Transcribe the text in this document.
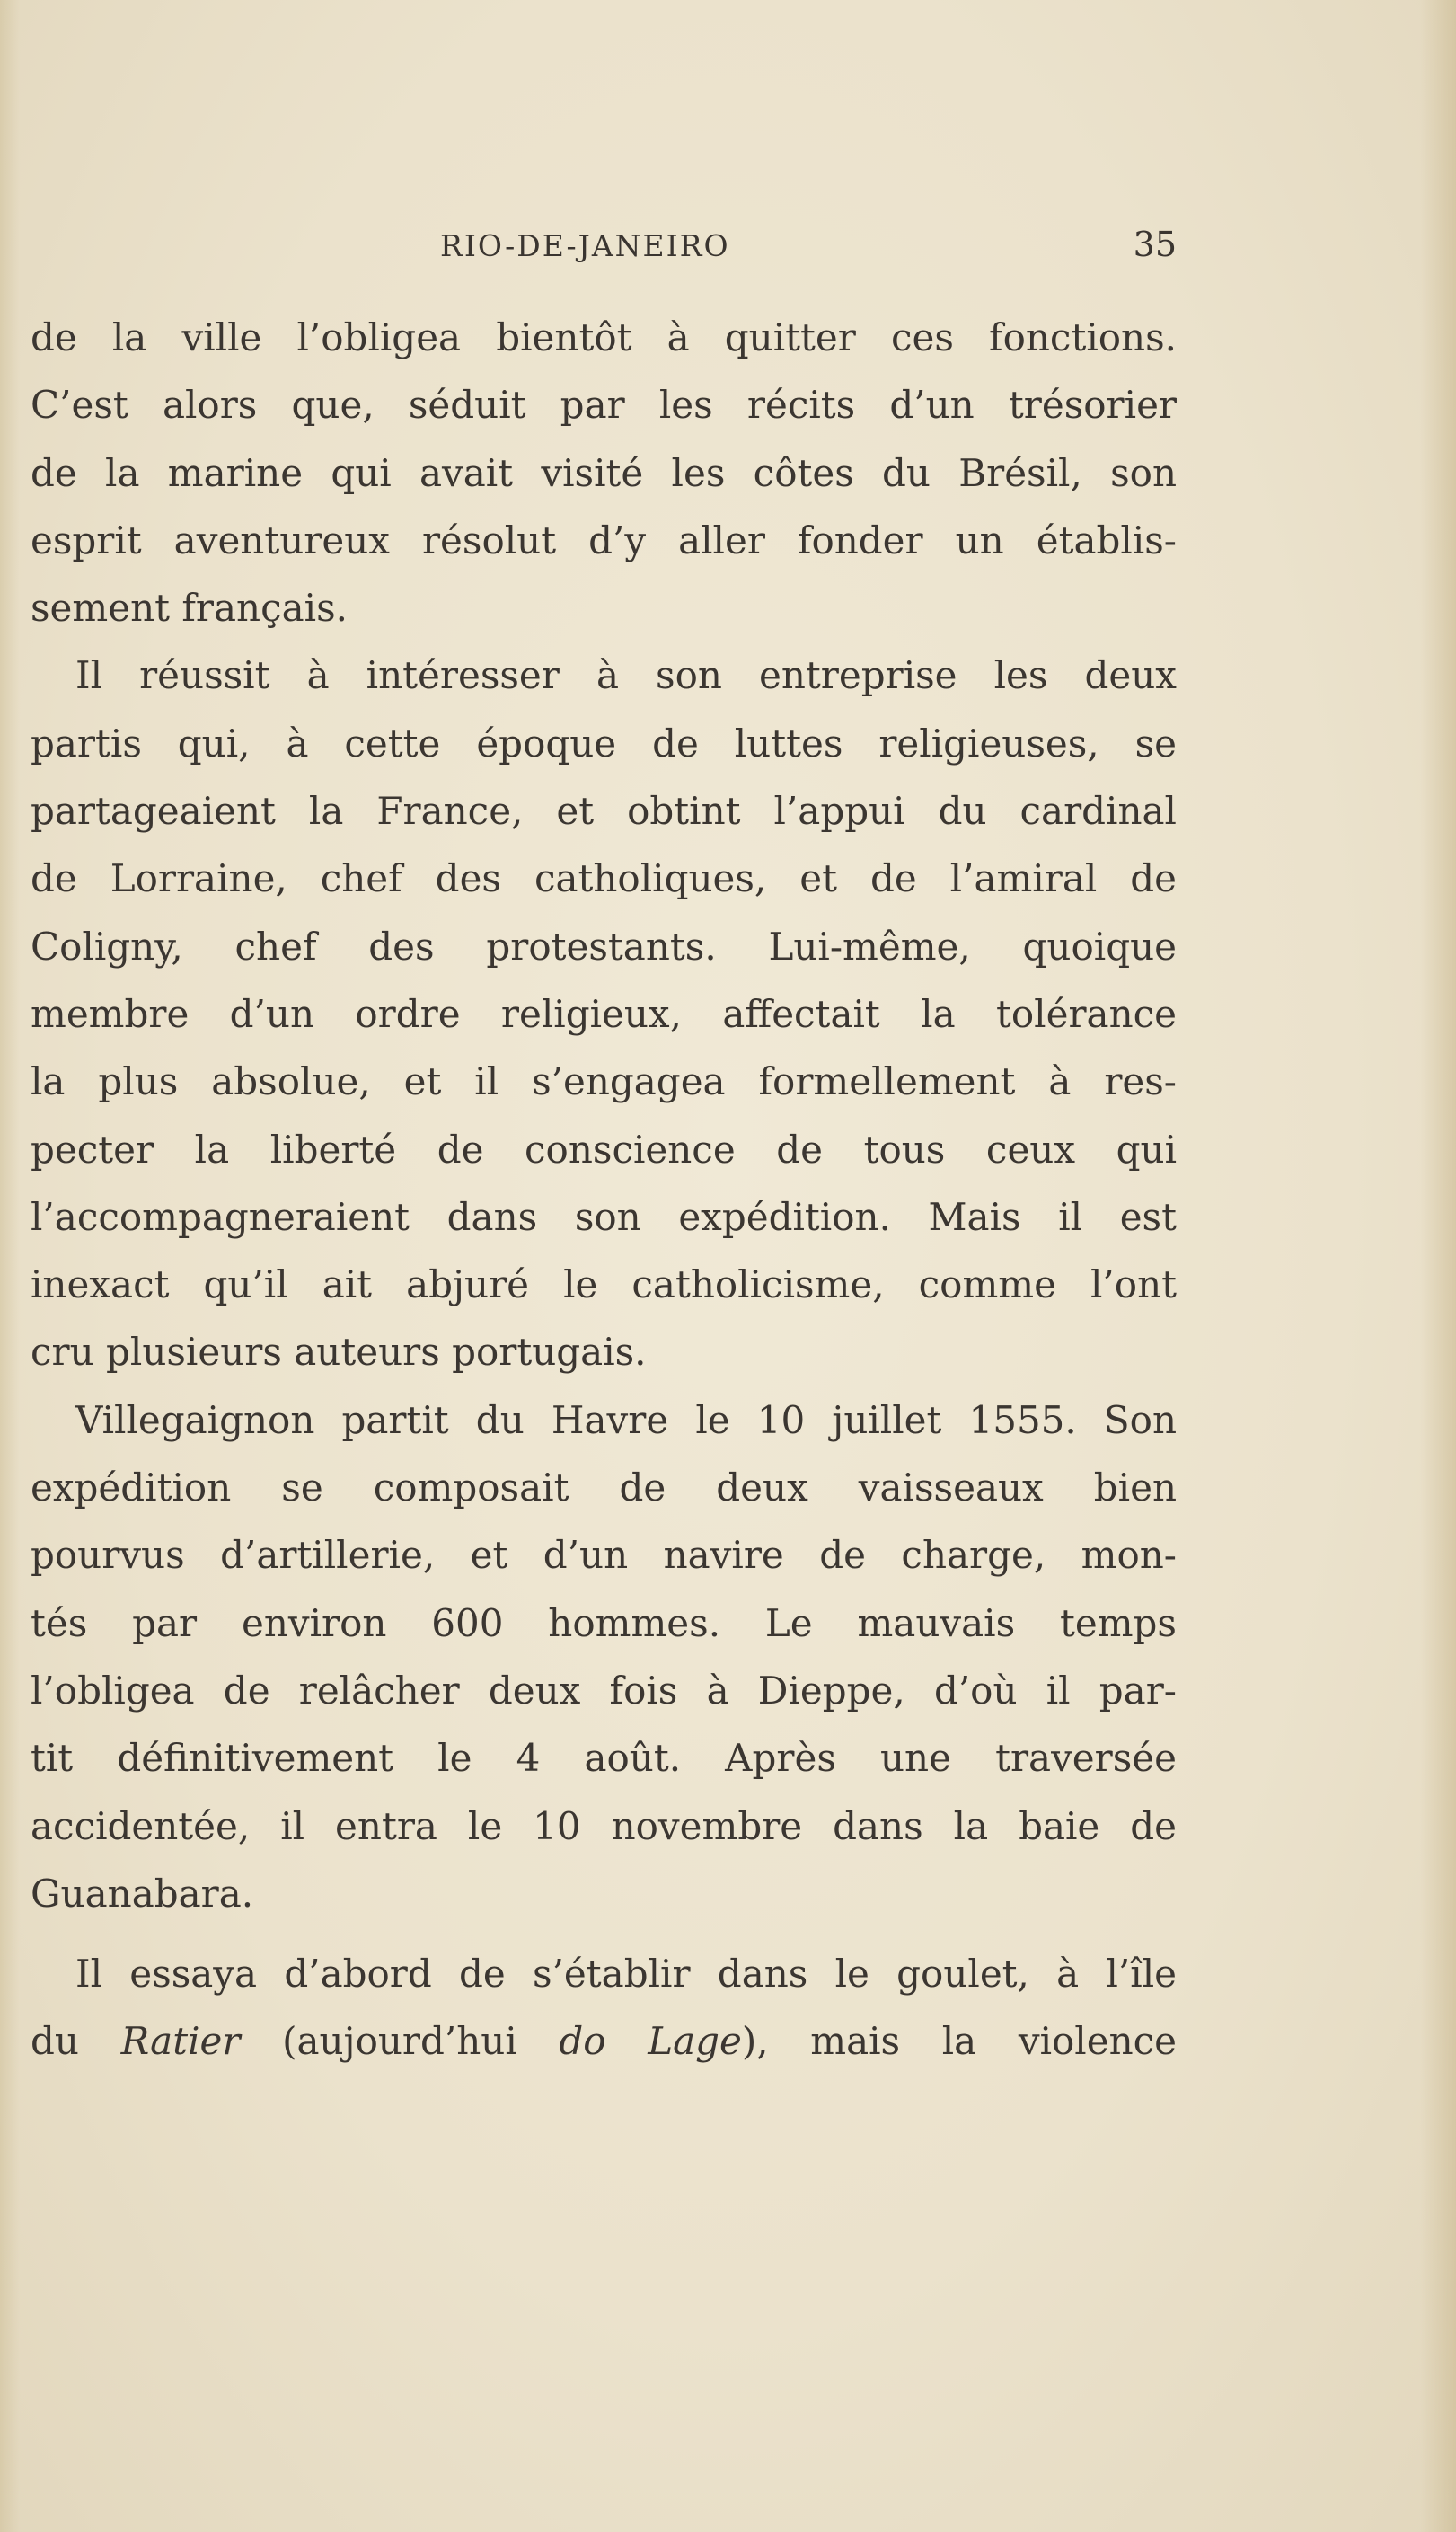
RIO-DE-JANEIRO	35
de la ville l’obligea bientôt à quitter ces fonctions.
C’est alors que, séduit par les récits d’un trésorier
de la marine qui avait visité les côtes du Brésil, son
esprit aventureux résolut d’y aller fonder un établis-
sement français.
Il réussit à intéresser à son entreprise les deux
partis qui, à cette époque de luttes religieuses, se
partageaient la France, et obtint l’appui du cardinal
de Lorraine, chef des catholiques, et de l’amiral de
Coligny, chef des protestants. Lui-même, quoique
membre d’un ordre religieux, affectait la tolérance
la plus absolue, et il s’engagea formellement à res-
pecter la liberté de conscience de tous ceux qui
l’accompagneraient dans son expédition. Mais il est
inexact qu’il ait abjuré le catholicisme, comme l’ont
cru plusieurs auteurs portugais.
Villegaignon partit du Havre le 10 juillet 1555. Son
expédition se composait de deux vaisseaux bien
pourvus d’artillerie, et d’un navire de charge, mon-
tés par environ 600 hommes. Le mauvais temps
l’obligea de relâcher deux fois à Dieppe, d’où il par-
tit définitivement le 4 août. Après une traversée
accidentée, il entra le 10 novembre dans la baie de
Guanabara.
Il essaya d’abord de s’établir dans le goulet, à l’île
du Ratier (aujourd’hui do Lage), mais la violence
